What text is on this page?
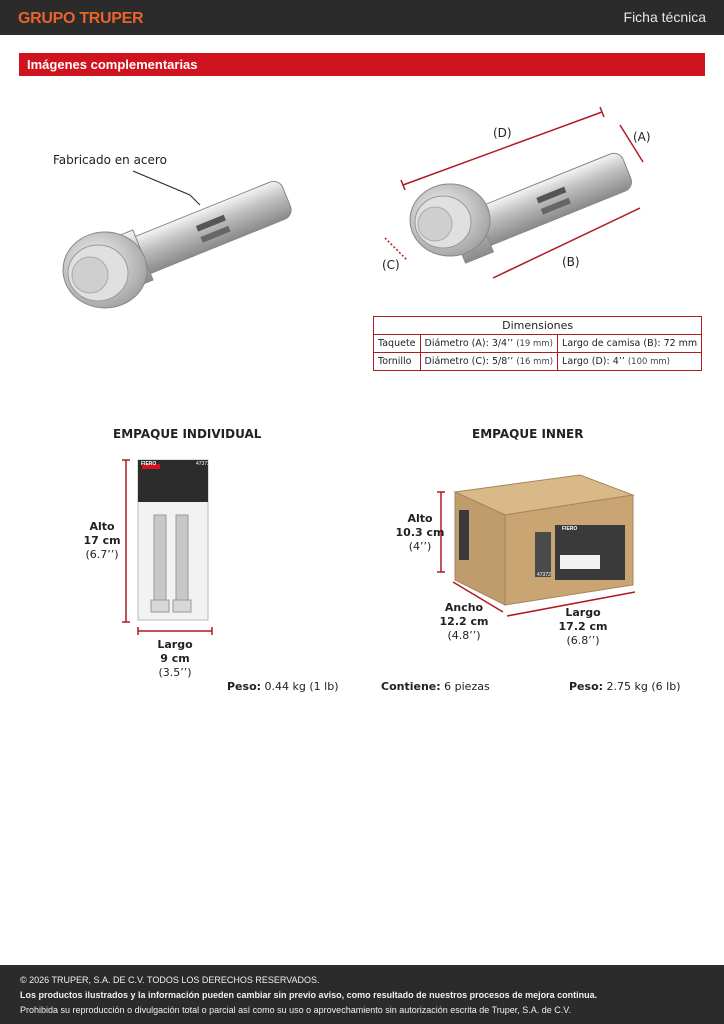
GRUPO TRUPER	Ficha técnica
Imágenes complementarias
Fabricado en acero
(D)	(A)
(B)
(C)
Dimensiones		
Taquete	Diámetro (A): 3/4’’ (19 mm)	Largo de camisa (B): 72 mm
Tornillo	Diámetro (C): 5/8’’ (16 mm)	Largo (D): 4’’ (100 mm)
EMPAQUE INDIVIDUAL
FIERO	47372
Alto
17 cm
(6.7’’)
Largo
9 cm
(3.5’’)
Peso: 0.44 kg (1 lb)
EMPAQUE INNER
FIERO
47372
Alto
10.3 cm
(4’’)
Ancho
12.2 cm
(4.8’’)
Largo
17.2 cm
(6.8’’)
Contiene: 6 piezas	Peso: 2.75 kg (6 lb)
© 2026 TRUPER, S.A. DE C.V. TODOS LOS DERECHOS RESERVADOS.
Los productos ilustrados y la información pueden cambiar sin previo aviso, como resultado de nuestros procesos de mejora continua.
Prohibida su reproducción o divulgación total o parcial así como su uso o aprovechamiento sin autorización escrita de Truper, S.A. de C.V.
